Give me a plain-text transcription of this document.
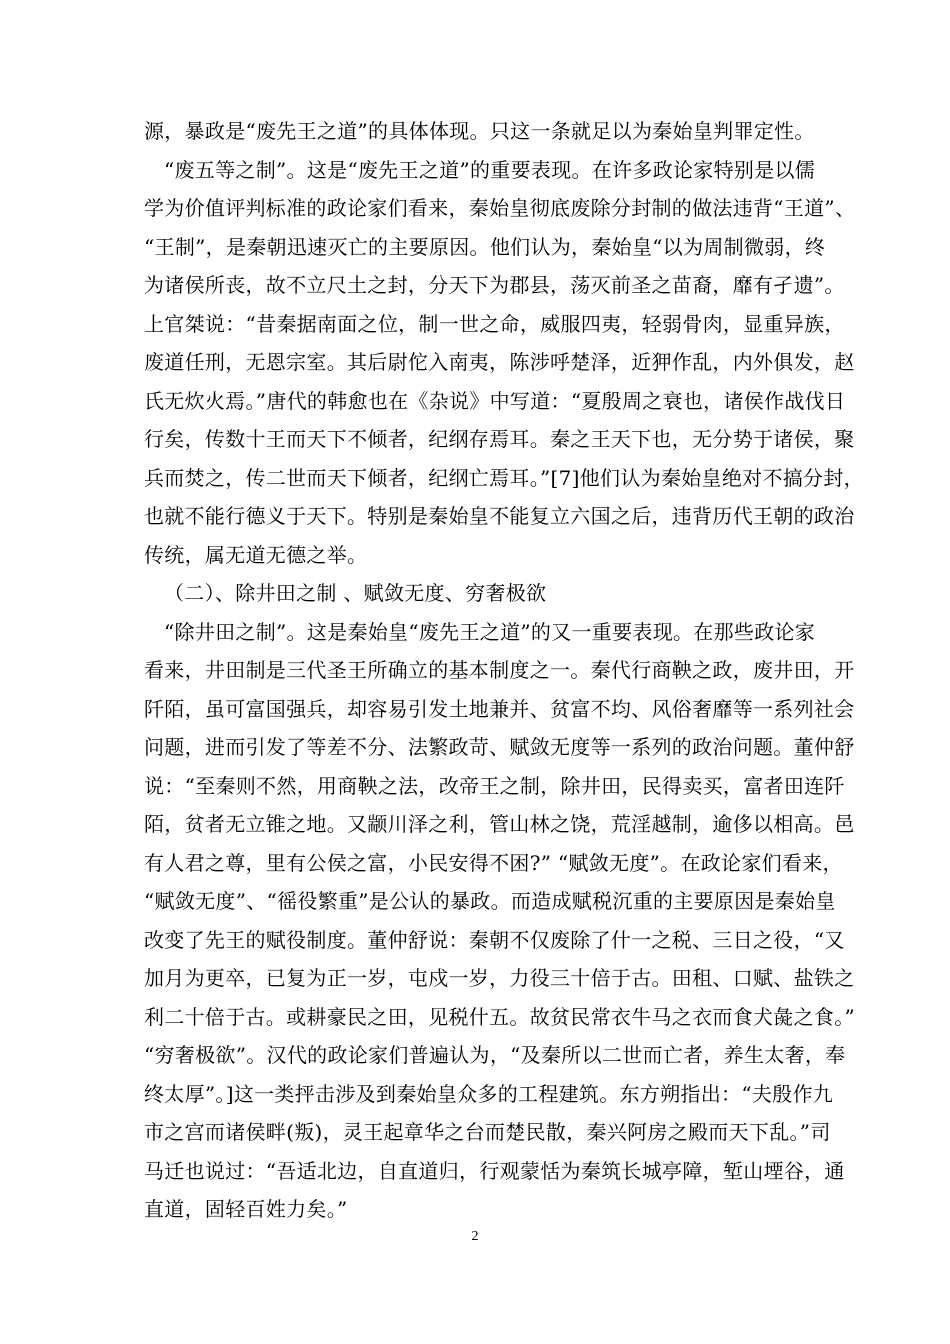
源，暴政是“废先王之道”的具体体现。只这一条就足以为秦始皇判罪定性。
“废五等之制”。这是“废先王之道”的重要表现。在许多政论家特别是以儒
学为价值评判标准的政论家们看来，秦始皇彻底废除分封制的做法违背“王道”、
“王制”，是秦朝迅速灭亡的主要原因。他们认为，秦始皇“以为周制微弱，终
为诸侯所丧，故不立尺土之封，分天下为郡县，荡灭前圣之苗裔，靡有孑遗”。
上官桀说：“昔秦据南面之位，制一世之命，威服四夷，轻弱骨肉，显重异族，
废道任刑，无恩宗室。其后尉佗入南夷，陈涉呼楚泽，近狎作乱，内外俱发，赵
氏无炊火焉。”唐代的韩愈也在《杂说》中写道：“夏殷周之衰也，诸侯作战伐日
行矣，传数十王而天下不倾者，纪纲存焉耳。秦之王天下也，无分势于诸侯，聚
兵而焚之，传二世而天下倾者，纪纲亡焉耳。”[7]他们认为秦始皇绝对不搞分封，
也就不能行德义于天下。特别是秦始皇不能复立六国之后，违背历代王朝的政治
传统，属无道无德之举。
（二）、除井田之制 、赋敛无度、穷奢极欲
“除井田之制”。这是秦始皇“废先王之道”的又一重要表现。在那些政论家
看来，井田制是三代圣王所确立的基本制度之一。秦代行商鞅之政，废井田，开
阡陌，虽可富国强兵，却容易引发土地兼并、贫富不均、风俗奢靡等一系列社会
问题，进而引发了等差不分、法繁政苛、赋敛无度等一系列的政治问题。董仲舒
说：“至秦则不然，用商鞅之法，改帝王之制，除井田，民得卖买，富者田连阡
陌，贫者无立锥之地。又颛川泽之利，管山林之饶，荒淫越制，逾侈以相高。邑
有人君之尊，里有公侯之富，小民安得不困?” “赋敛无度”。在政论家们看来，
“赋敛无度”、“徭役繁重”是公认的暴政。而造成赋税沉重的主要原因是秦始皇
改变了先王的赋役制度。董仲舒说：秦朝不仅废除了什一之税、三日之役，“又
加月为更卒，已复为正一岁，屯戍一岁，力役三十倍于古。田租、口赋、盐铁之
利二十倍于古。或耕豪民之田，见税什五。故贫民常衣牛马之衣而食犬彘之食。”
“穷奢极欲”。汉代的政论家们普遍认为，“及秦所以二世而亡者，养生太奢，奉
终太厚”。]这一类抨击涉及到秦始皇众多的工程建筑。东方朔指出：“夫殷作九
市之宫而诸侯畔(叛)，灵王起章华之台而楚民散，秦兴阿房之殿而天下乱。”司
马迁也说过：“吾适北边，自直道归，行观蒙恬为秦筑长城亭障，堑山堙谷，通
直道，固轻百姓力矣。”
2
